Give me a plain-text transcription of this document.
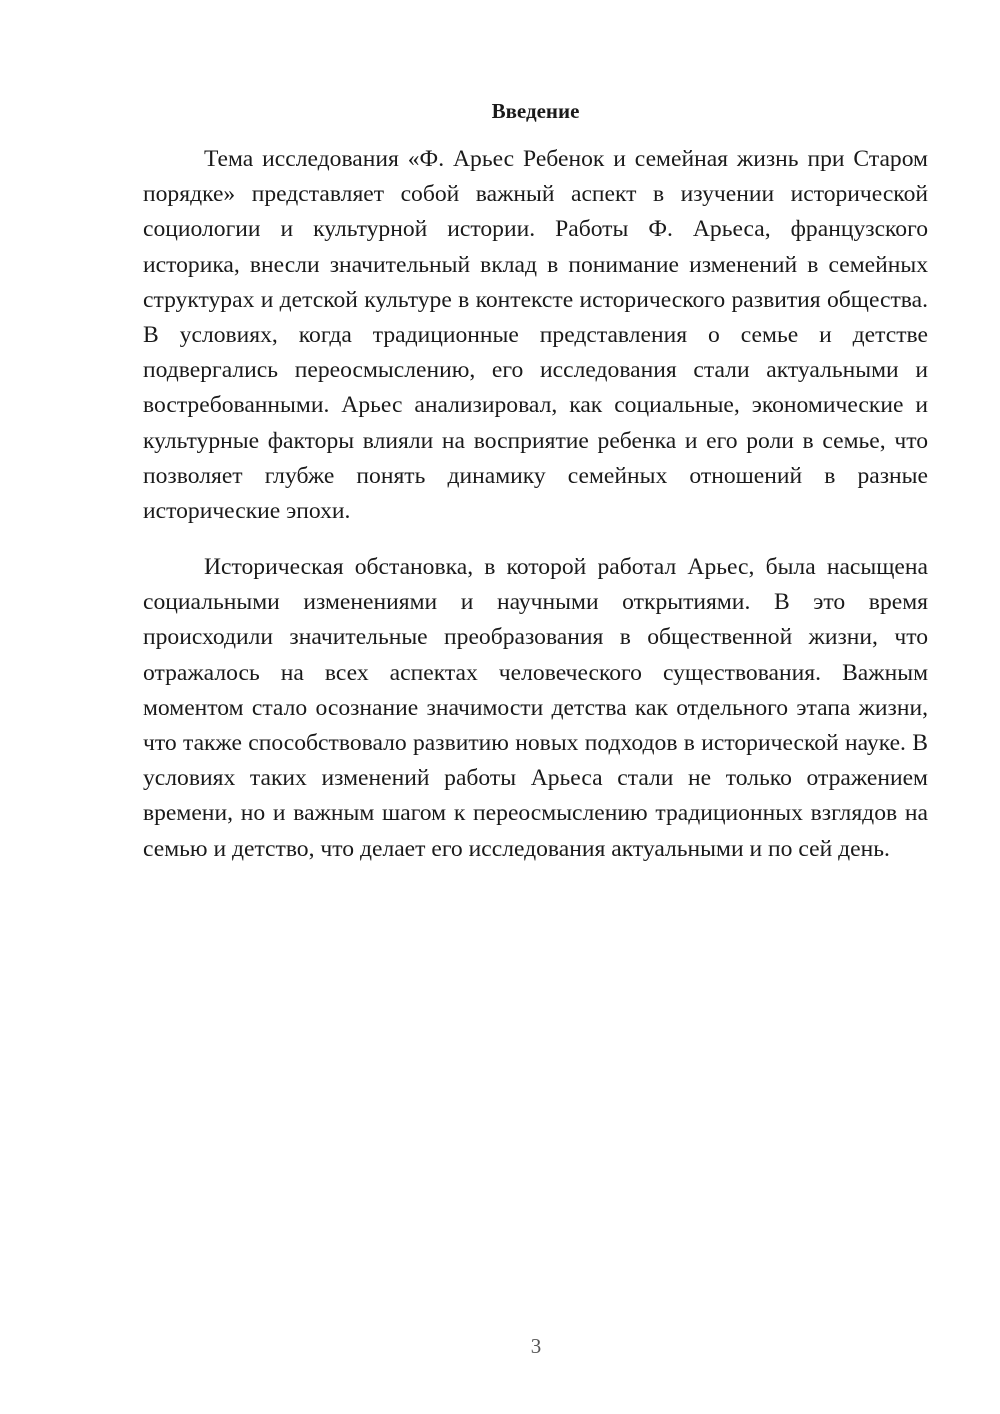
Введение

Тема исследования «Ф. Арьес Ребенок и семейная жизнь при Старом порядке» представляет собой важный аспект в изучении исторической социологии и культурной истории. Работы Ф. Арьеса, французского историка, внесли значительный вклад в понимание изменений в семейных структурах и детской культуре в контексте исторического развития общества. В условиях, когда традиционные представления о семье и детстве подвергались переосмыслению, его исследования стали актуальными и востребованными. Арьес анализировал, как социальные, экономические и культурные факторы влияли на восприятие ребенка и его роли в семье, что позволяет глубже понять динамику семейных отношений в разные исторические эпохи.

Историческая обстановка, в которой работал Арьес, была насыщена социальными изменениями и научными открытиями. В это время происходили значительные преобразования в общественной жизни, что отражалось на всех аспектах человеческого существования. Важным моментом стало осознание значимости детства как отдельного этапа жизни, что также способствовало развитию новых подходов в исторической науке. В условиях таких изменений работы Арьеса стали не только отражением времени, но и важным шагом к переосмыслению традиционных взглядов на семью и детство, что делает его исследования актуальными и по сей день.

3
